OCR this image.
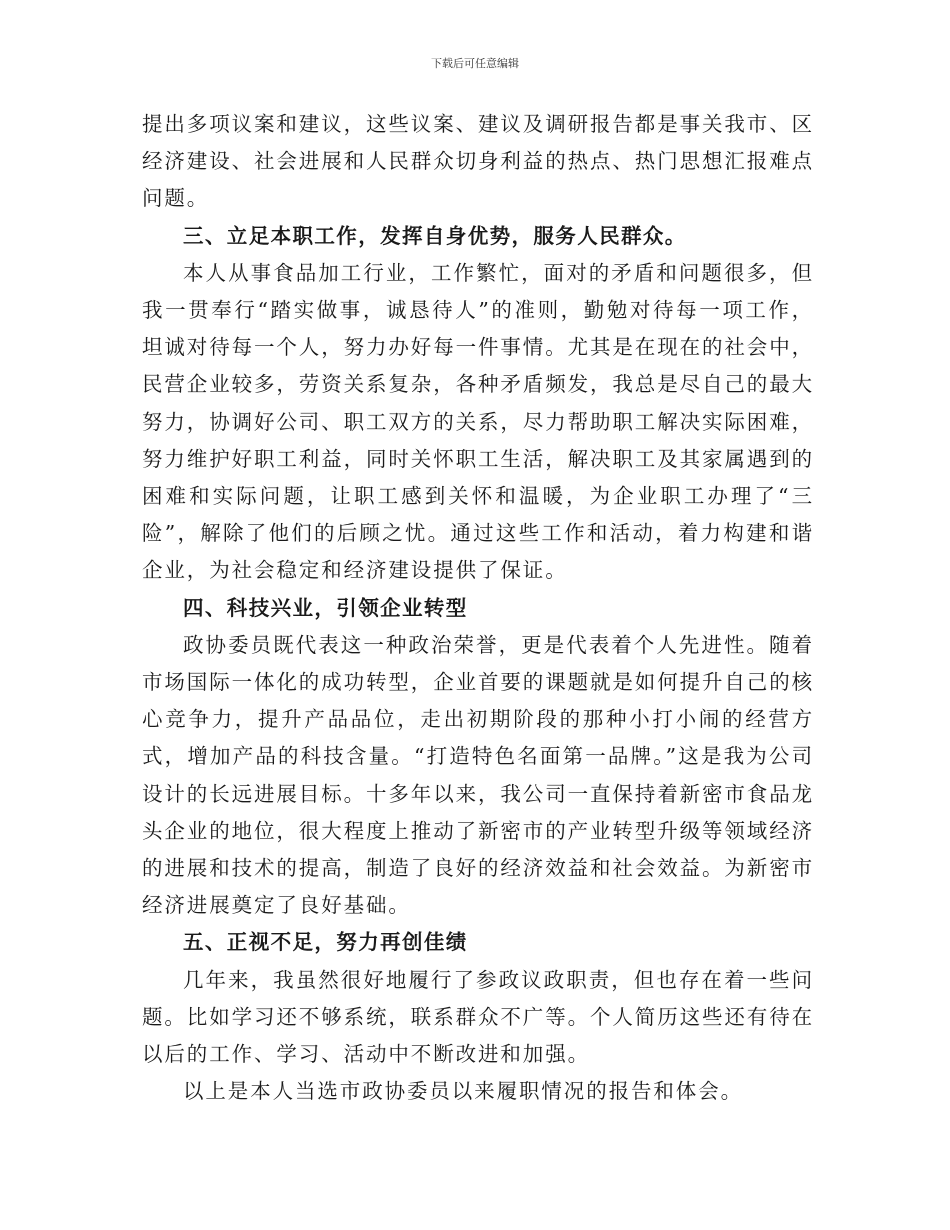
下载后可任意编辑

提出多项议案和建议，这些议案、建议及调研报告都是事关我市、区经济建设、社会进展和人民群众切身利益的热点、热门思想汇报难点问题。

三、立足本职工作，发挥自身优势，服务人民群众。

本人从事食品加工行业，工作繁忙，面对的矛盾和问题很多，但我一贯奉行“踏实做事，诚恳待人”的准则，勤勉对待每一项工作，坦诚对待每一个人，努力办好每一件事情。尤其是在现在的社会中，民营企业较多，劳资关系复杂，各种矛盾频发，我总是尽自己的最大努力，协调好公司、职工双方的关系，尽力帮助职工解决实际困难，努力维护好职工利益，同时关怀职工生活，解决职工及其家属遇到的困难和实际问题，让职工感到关怀和温暖，为企业职工办理了“三险”，解除了他们的后顾之忧。通过这些工作和活动，着力构建和谐企业，为社会稳定和经济建设提供了保证。

四、科技兴业，引领企业转型

政协委员既代表这一种政治荣誉，更是代表着个人先进性。随着市场国际一体化的成功转型，企业首要的课题就是如何提升自己的核心竞争力，提升产品品位，走出初期阶段的那种小打小闹的经营方式，增加产品的科技含量。“打造特色名面第一品牌。”这是我为公司设计的长远进展目标。十多年以来，我公司一直保持着新密市食品龙头企业的地位，很大程度上推动了新密市的产业转型升级等领域经济的进展和技术的提高，制造了良好的经济效益和社会效益。为新密市经济进展奠定了良好基础。

五、正视不足，努力再创佳绩

几年来，我虽然很好地履行了参政议政职责，但也存在着一些问题。比如学习还不够系统，联系群众不广等。个人简历这些还有待在以后的工作、学习、活动中不断改进和加强。

以上是本人当选市政协委员以来履职情况的报告和体会。
